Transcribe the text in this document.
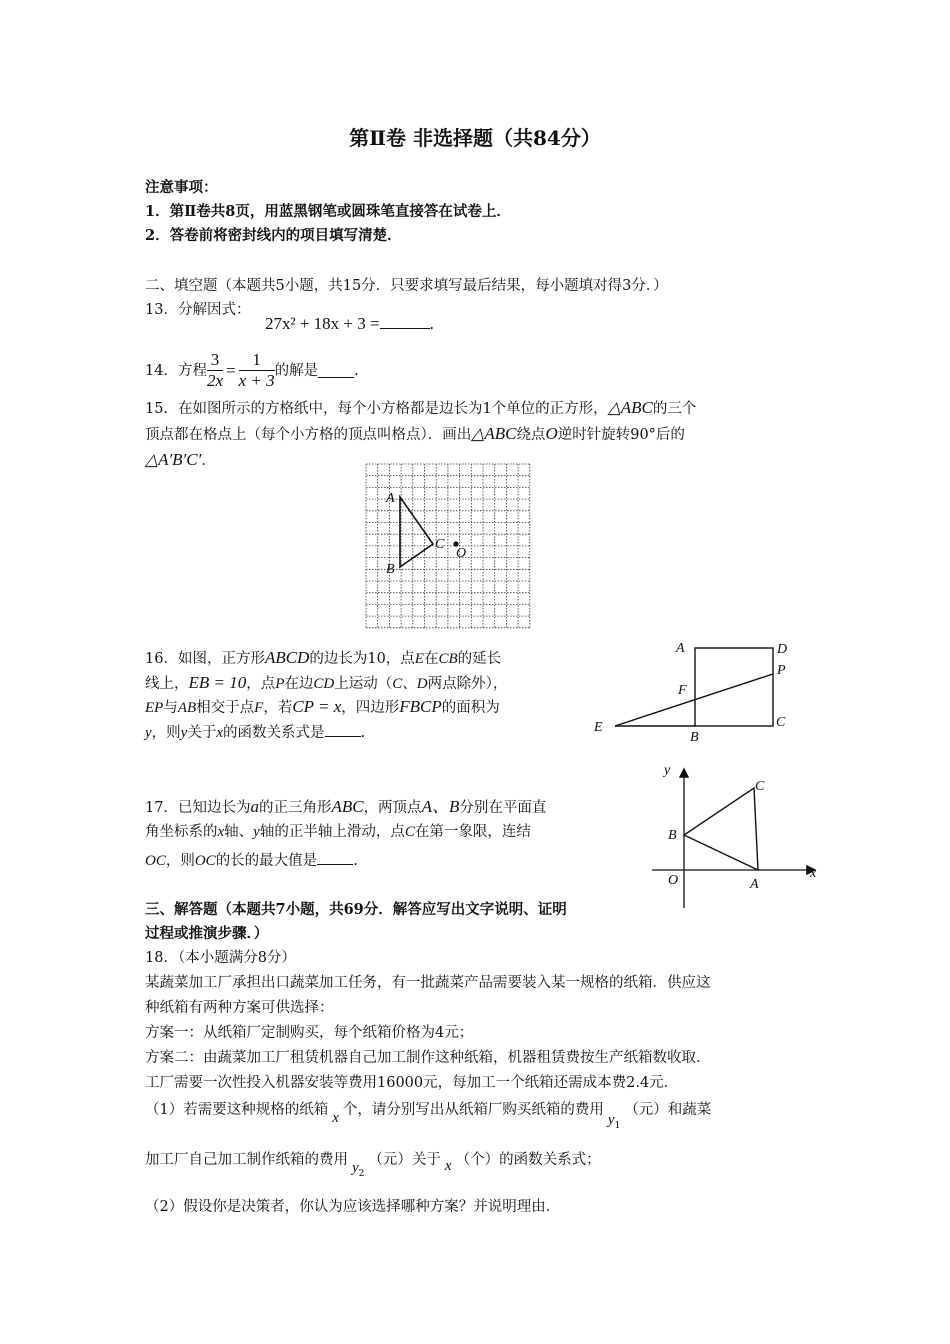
第Ⅱ卷 非选择题（共84分）
注意事项：
1．第Ⅱ卷共8页，用蓝黑钢笔或圆珠笔直接答在试卷上．
2．答卷前将密封线内的项目填写清楚．
二、填空题（本题共5小题，共15分．只要求填写最后结果，每小题填对得3分．）
13．分解因式：
27x² + 18x + 3 =	.
14．方程 $\frac{3}{2x} = \frac{1}{x + 3}$ 的解是 .
15．在如图所示的方格纸中，每个小方格都是边长为1个单位的正方形，△ABC的三个
顶点都在格点上（每个小方格的顶点叫格点）．画出△ABC绕点O逆时针旋转90°后的
△A′B′C′．
A
B
C
O
16．如图，正方形ABCD的边长为10，点E在CB的延长
线上，EB = 10，点P在边CD上运动（C、D两点除外），
EP与AB相交于点F，若CP = x，四边形FBCP的面积为
y，则y关于x的函数关系式是 .
A	D
P
F
E
B
C
17．已知边长为a的正三角形ABC，两顶点A、B分别在平面直
角坐标系的x轴、y轴的正半轴上滑动，点C在第一象限，连结
OC，则OC的长的最大值是 .
y
x
C
B
O	A
三、解答题（本题共7小题，共69分．解答应写出文字说明、证明
过程或推演步骤．）
18．（本小题满分8分）
某蔬菜加工厂承担出口蔬菜加工任务，有一批蔬菜产品需要装入某一规格的纸箱．供应这
种纸箱有两种方案可供选择：
方案一：从纸箱厂定制购买，每个纸箱价格为4元；
方案二：由蔬菜加工厂租赁机器自己加工制作这种纸箱，机器租赁费按生产纸箱数收取．
工厂需要一次性投入机器安装等费用16000元，每加工一个纸箱还需成本费2.4元．
（1）若需要这种规格的纸箱 x 个，请分别写出从纸箱厂购买纸箱的费用$y_1$（元）和蔬菜
加工厂自己加工制作纸箱的费用 $y_2$（元）关于 x （个）的函数关系式；
（2）假设你是决策者，你认为应该选择哪种方案？并说明理由．
